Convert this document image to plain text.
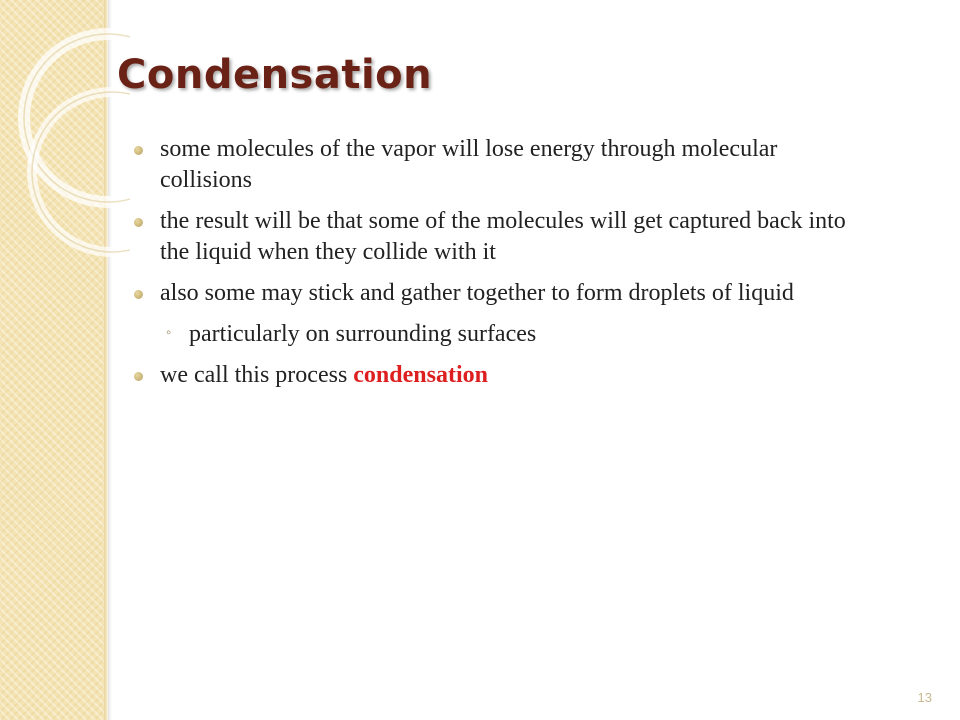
Condensation
some molecules of the vapor will lose energy through molecular collisions
the result will be that some of the molecules will get captured back into the liquid when they collide with it
also some may stick and gather together to form droplets of liquid
◦ particularly on surrounding surfaces
we call this process condensation
13
